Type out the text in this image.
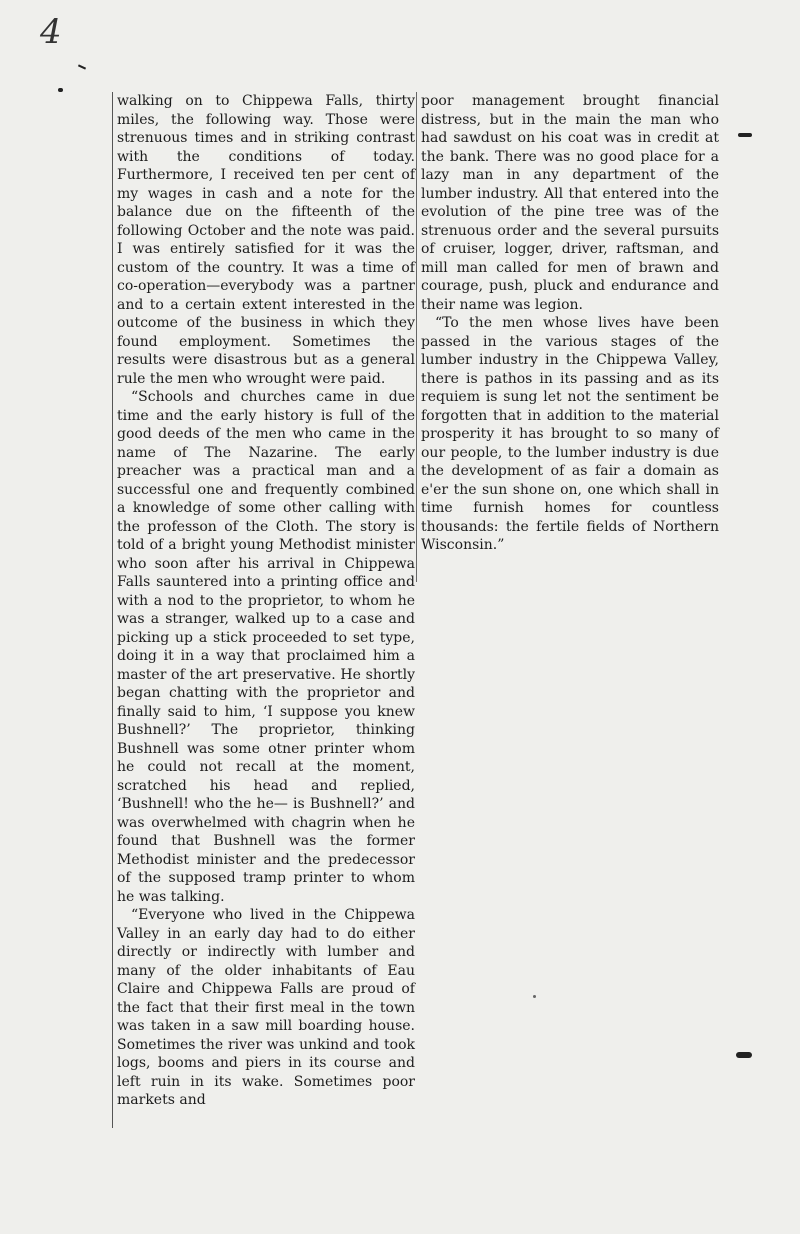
4

walking on to Chippewa Falls, thirty miles, the following way. Those were strenuous times and in striking contrast with the conditions of today. Furthermore, I received ten per cent of my wages in cash and a note for the balance due on the fifteenth of the following October and the note was paid. I was entirely satisfied for it was the custom of the country. It was a time of co-operation—everybody was a partner and to a certain extent interested in the outcome of the business in which they found employment. Sometimes the results were disastrous but as a general rule the men who wrought were paid.

“Schools and churches came in due time and the early history is full of the good deeds of the men who came in the name of The Nazarine. The early preacher was a practical man and a successful one and frequently combined a knowledge of some other calling with the professon of the Cloth. The story is told of a bright young Methodist minister who soon after his arrival in Chippewa Falls sauntered into a printing office and with a nod to the proprietor, to whom he was a stranger, walked up to a case and picking up a stick proceeded to set type, doing it in a way that proclaimed him a master of the art preservative. He shortly began chatting with the proprietor and finally said to him, ‘I suppose you knew Bushnell?’ The proprietor, thinking Bushnell was some otner printer whom he could not recall at the moment, scratched his head and replied, ‘Bushnell! who the he— is Bushnell?’ and was overwhelmed with chagrin when he found that Bushnell was the former Methodist minister and the predecessor of the supposed tramp printer to whom he was talking.

“Everyone who lived in the Chippewa Valley in an early day had to do either directly or indirectly with lumber and many of the older inhabitants of Eau Claire and Chippewa Falls are proud of the fact that their first meal in the town was taken in a saw mill boarding house. Sometimes the river was unkind and took logs, booms and piers in its course and left ruin in its wake. Sometimes poor markets and

poor management brought financial distress, but in the main the man who had sawdust on his coat was in credit at the bank. There was no good place for a lazy man in any department of the lumber industry. All that entered into the evolution of the pine tree was of the strenuous order and the several pursuits of cruiser, logger, driver, raftsman, and mill man called for men of brawn and courage, push, pluck and endurance and their name was legion.

“To the men whose lives have been passed in the various stages of the lumber industry in the Chippewa Valley, there is pathos in its passing and as its requiem is sung let not the sentiment be forgotten that in addition to the material prosperity it has brought to so many of our people, to the lumber industry is due the development of as fair a domain as e'er the sun shone on, one which shall in time furnish homes for countless thousands: the fertile fields of Northern Wisconsin.”
